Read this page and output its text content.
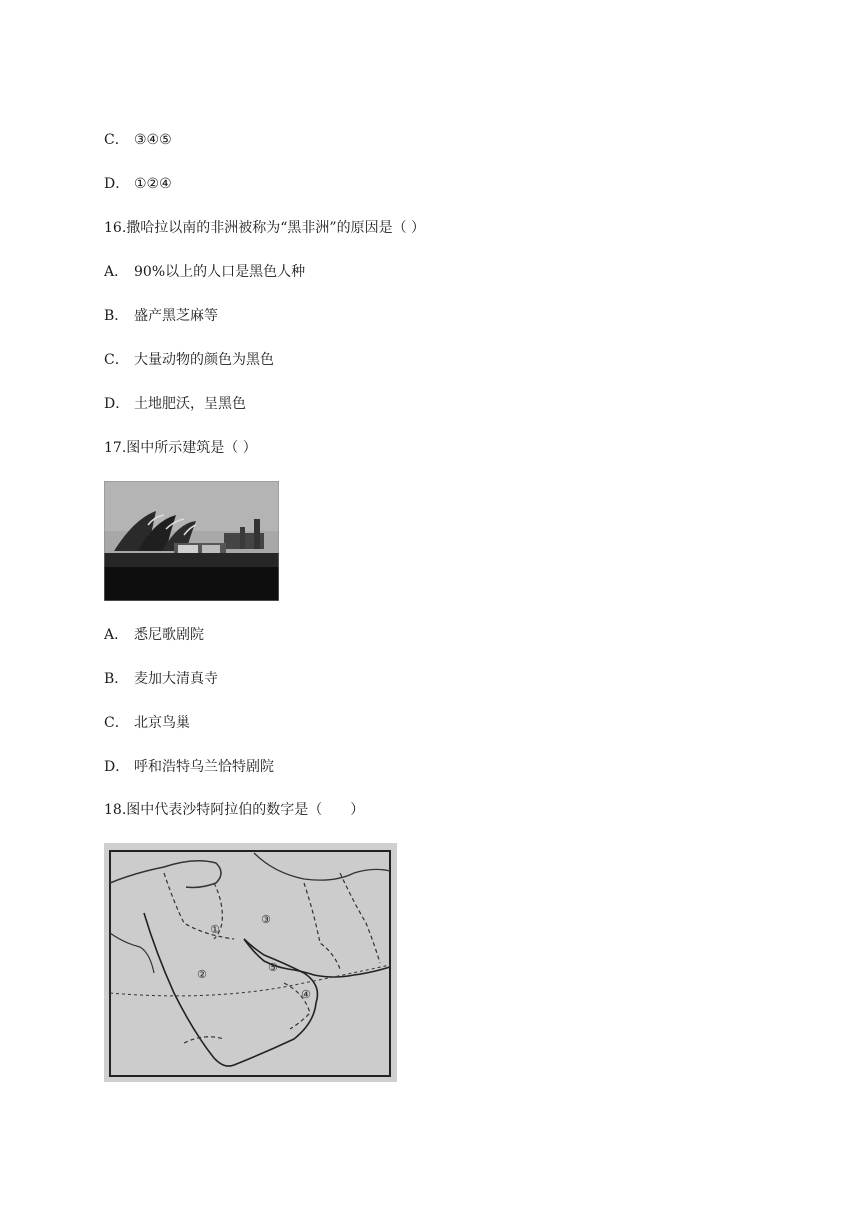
C． ③④⑤
D． ①②④
16.撒哈拉以南的非洲被称为“黑非洲”的原因是（ ）
A． 90%以上的人口是黑色人种
B． 盛产黑芝麻等
C． 大量动物的颜色为黑色
D． 土地肥沃，呈黑色
17.图中所示建筑是（ ）
A． 悉尼歌剧院
B． 麦加大清真寺
C． 北京鸟巢
D． 呼和浩特乌兰恰特剧院
18.图中代表沙特阿拉伯的数字是（　　）
①
②
③
④
⑤
